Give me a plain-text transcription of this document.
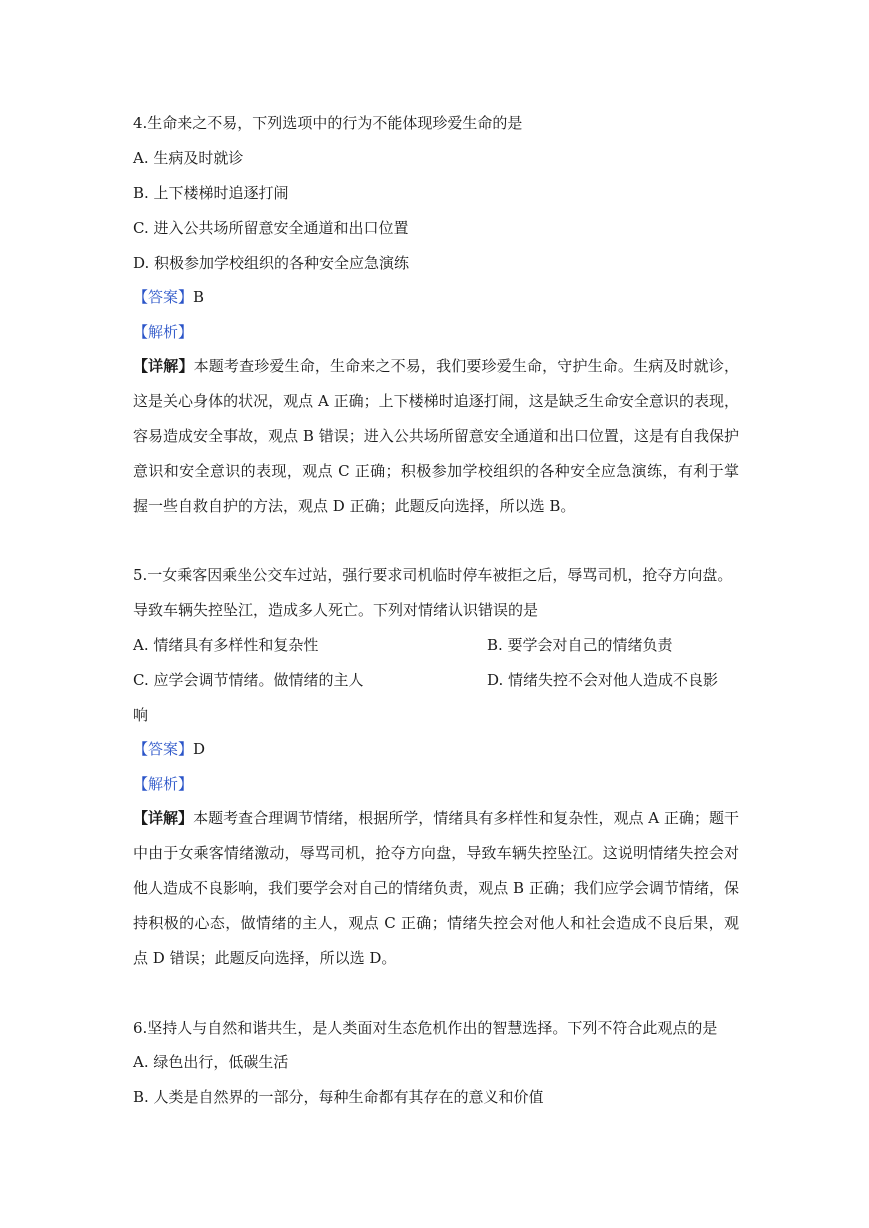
4.生命来之不易，下列选项中的行为不能体现珍爱生命的是
A. 生病及时就诊
B. 上下楼梯时追逐打闹
C. 进入公共场所留意安全通道和出口位置
D. 积极参加学校组织的各种安全应急演练
【答案】B
【解析】
【详解】本题考查珍爱生命，生命来之不易，我们要珍爱生命，守护生命。生病及时就诊，这是关心身体的状况，观点 A 正确；上下楼梯时追逐打闹，这是缺乏生命安全意识的表现，容易造成安全事故，观点 B 错误；进入公共场所留意安全通道和出口位置，这是有自我保护意识和安全意识的表现，观点 C 正确；积极参加学校组织的各种安全应急演练，有利于掌握一些自救自护的方法，观点 D 正确；此题反向选择，所以选 B。
5.一女乘客因乘坐公交车过站，强行要求司机临时停车被拒之后，辱骂司机，抢夺方向盘。
导致车辆失控坠江，造成多人死亡。下列对情绪认识错误的是
A. 情绪具有多样性和复杂性	B. 要学会对自己的情绪负责
C. 应学会调节情绪。做情绪的主人	D. 情绪失控不会对他人造成不良影
响
【答案】D
【解析】
【详解】本题考查合理调节情绪，根据所学，情绪具有多样性和复杂性，观点 A 正确；题干中由于女乘客情绪激动，辱骂司机，抢夺方向盘，导致车辆失控坠江。这说明情绪失控会对他人造成不良影响，我们要学会对自己的情绪负责，观点 B 正确；我们应学会调节情绪，保持积极的心态，做情绪的主人，观点 C 正确；情绪失控会对他人和社会造成不良后果，观点 D 错误；此题反向选择，所以选 D。
6.坚持人与自然和谐共生，是人类面对生态危机作出的智慧选择。下列不符合此观点的是
A. 绿色出行，低碳生活
B. 人类是自然界的一部分，每种生命都有其存在的意义和价值
